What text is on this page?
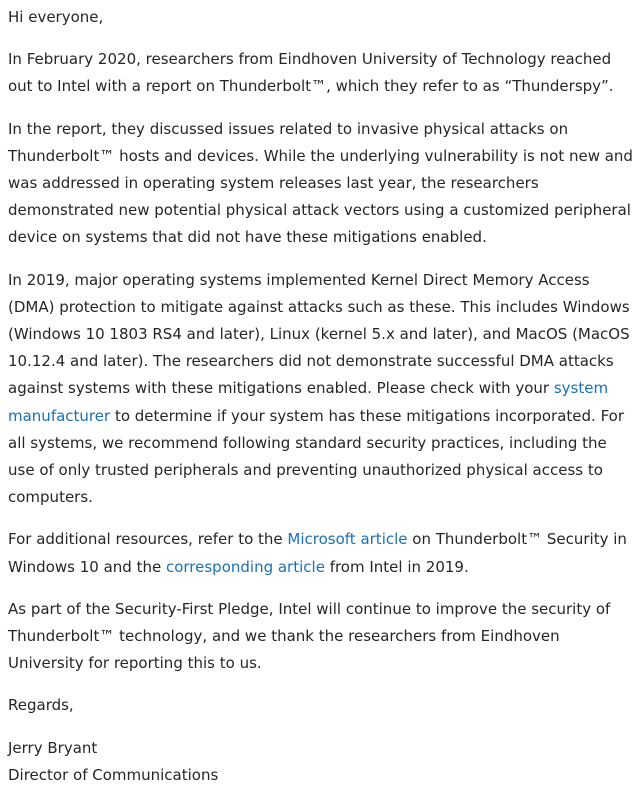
Hi everyone,

In February 2020, researchers from Eindhoven University of Technology reached out to Intel with a report on Thunderbolt™, which they refer to as “Thunderspy”.

In the report, they discussed issues related to invasive physical attacks on Thunderbolt™ hosts and devices. While the underlying vulnerability is not new and was addressed in operating system releases last year, the researchers demonstrated new potential physical attack vectors using a customized peripheral device on systems that did not have these mitigations enabled.

In 2019, major operating systems implemented Kernel Direct Memory Access (DMA) protection to mitigate against attacks such as these. This includes Windows (Windows 10 1803 RS4 and later), Linux (kernel 5.x and later), and MacOS (MacOS 10.12.4 and later). The researchers did not demonstrate successful DMA attacks against systems with these mitigations enabled. Please check with your system manufacturer to determine if your system has these mitigations incorporated. For all systems, we recommend following standard security practices, including the use of only trusted peripherals and preventing unauthorized physical access to computers.

For additional resources, refer to the Microsoft article on Thunderbolt™ Security in Windows 10 and the corresponding article from Intel in 2019.

As part of the Security-First Pledge, Intel will continue to improve the security of Thunderbolt™ technology, and we thank the researchers from Eindhoven University for reporting this to us.

Regards,

Jerry Bryant

Director of Communications
